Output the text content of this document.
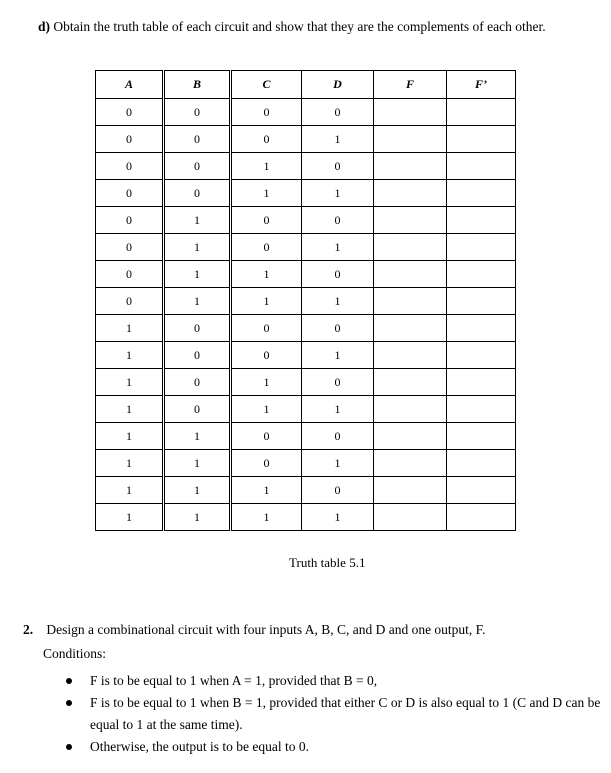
d) Obtain the truth table of each circuit and show that they are the complements of each other.
A	B	C	D	F	F’
0	0	0	0		
0	0	0	1		
0	0	1	0		
0	0	1	1		
0	1	0	0		
0	1	0	1		
0	1	1	0		
0	1	1	1		
1	0	0	0		
1	0	0	1		
1	0	1	0		
1	0	1	1		
1	1	0	0		
1	1	0	1		
1	1	1	0		
1	1	1	1		
Truth table 5.1
2. Design a combinational circuit with four inputs A, B, C, and D and one output, F.
Conditions:
F is to be equal to 1 when A = 1, provided that B = 0,
F is to be equal to 1 when B = 1, provided that either C or D is also equal to 1 (C and D can be equal to 1 at the same time).
Otherwise, the output is to be equal to 0.
